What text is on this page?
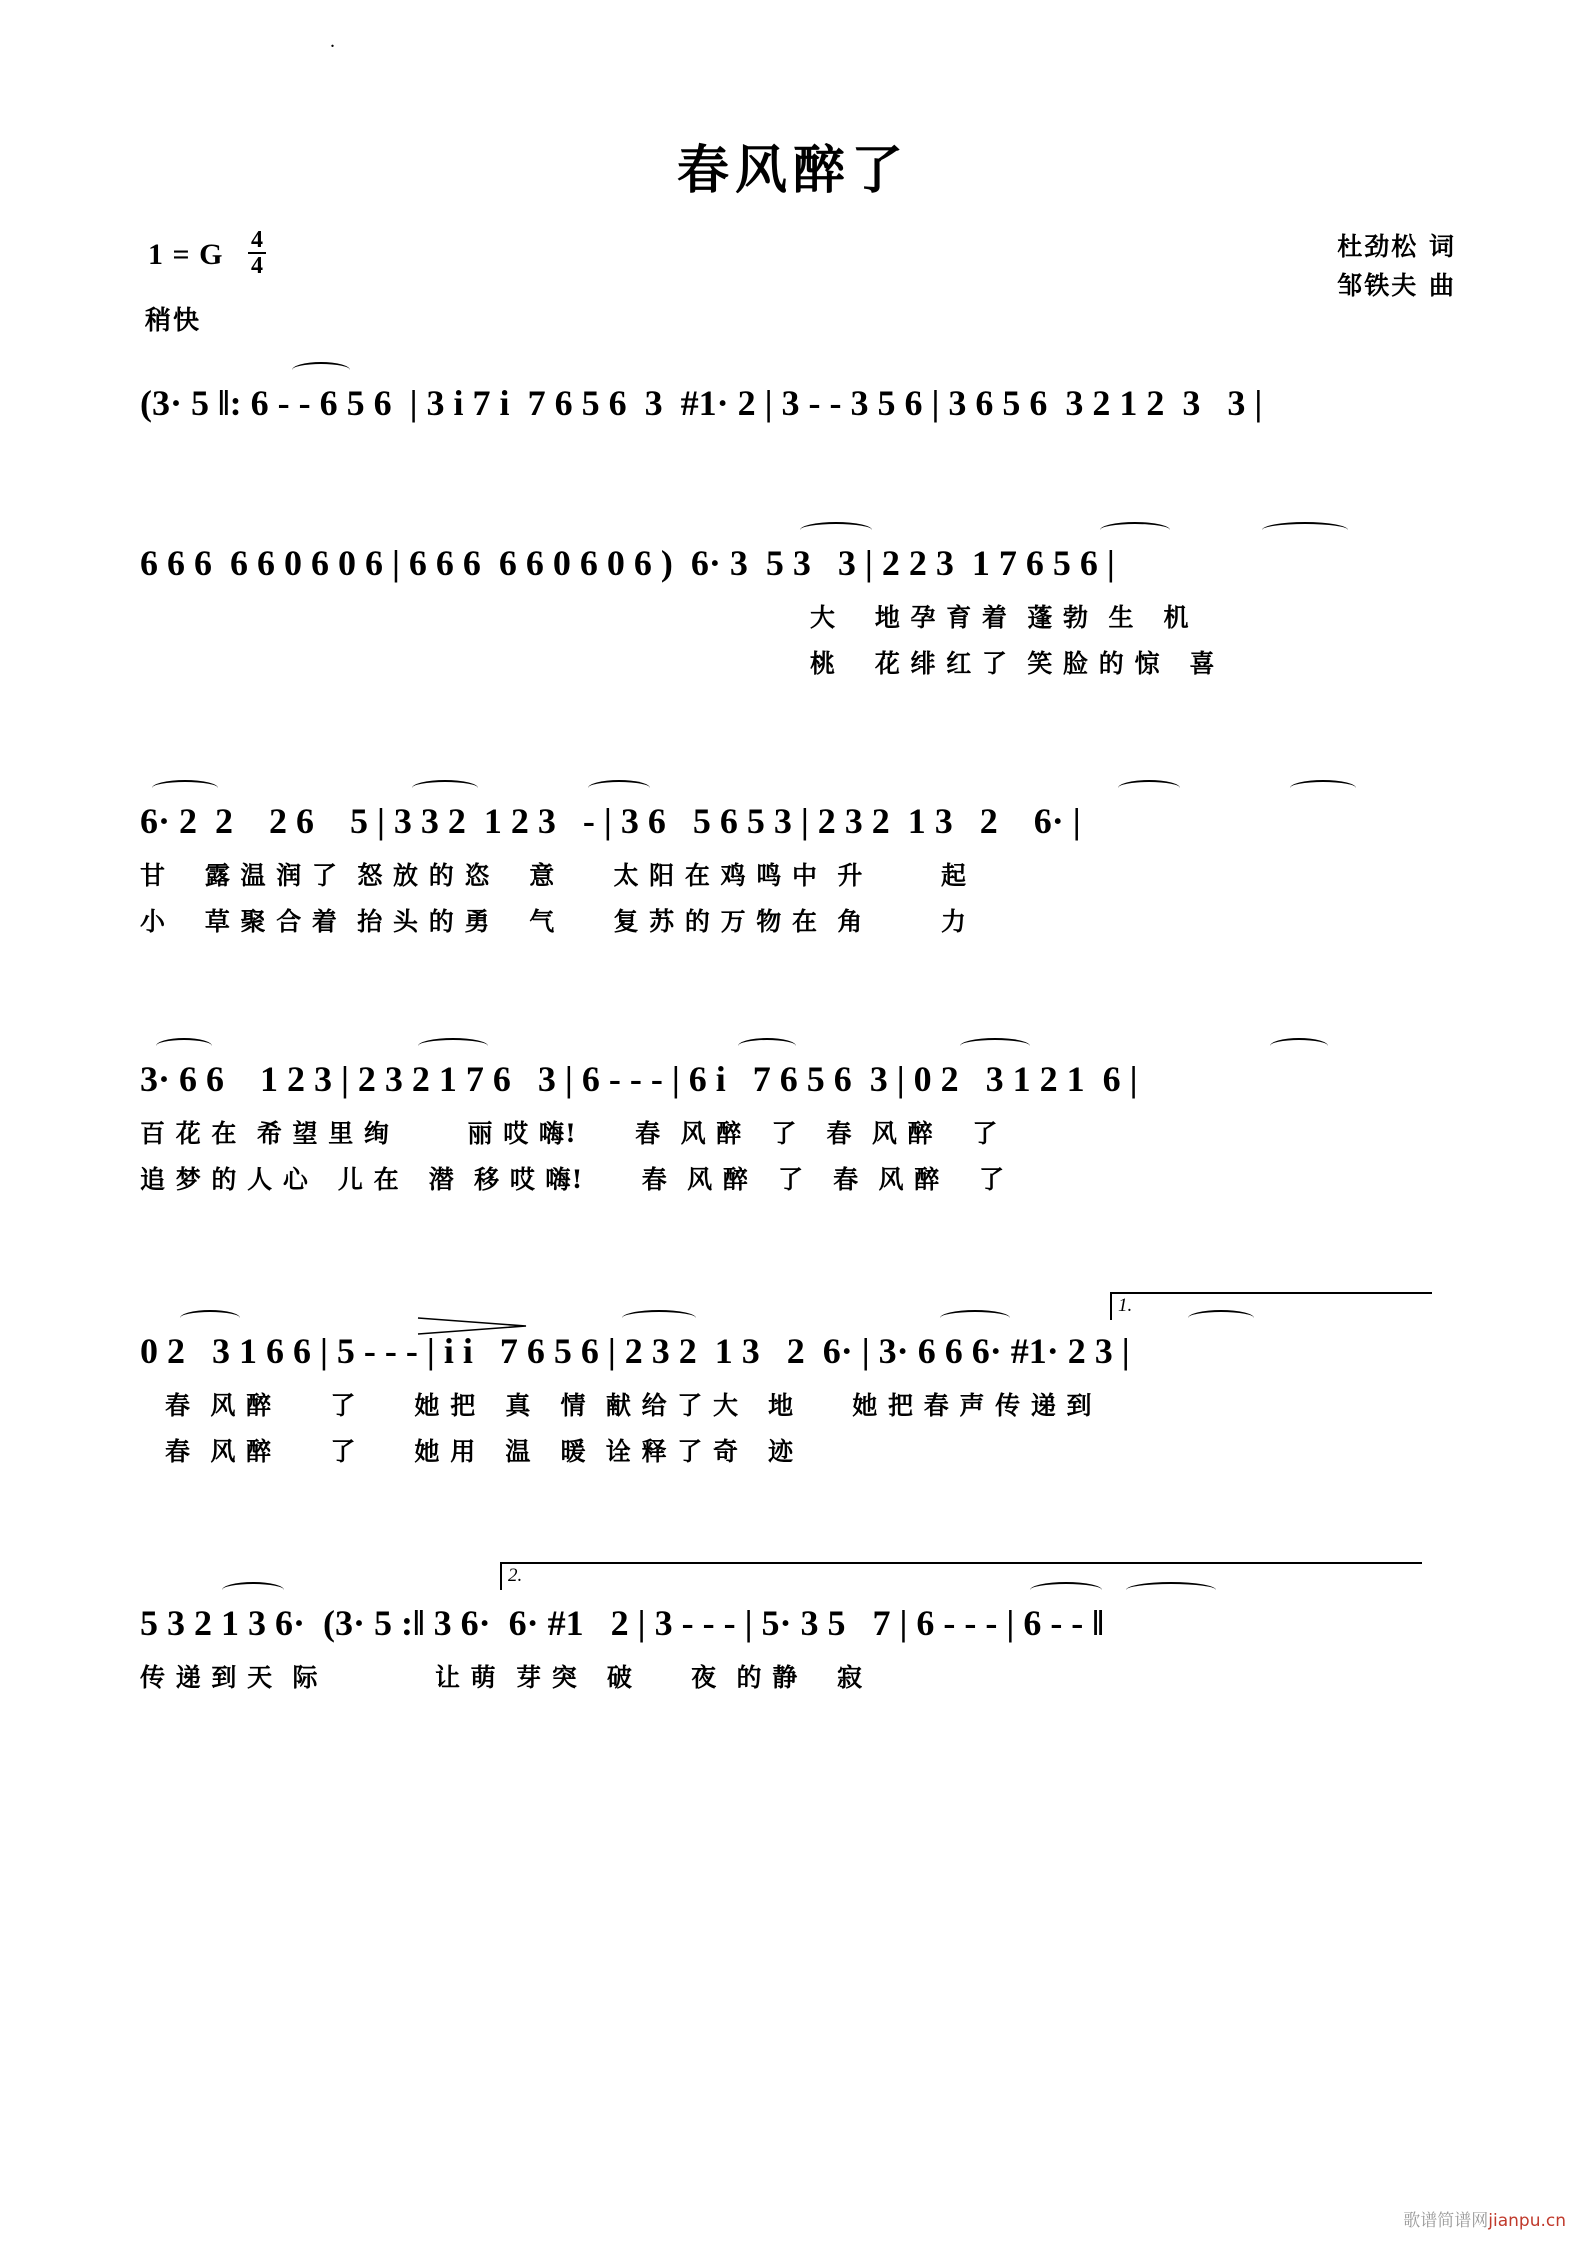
.
春风醉了
1 = G $\frac{4}{4}$
稍快
杜劲松 词
邹铁夫 曲
(3· 5 ‖: 6 - - 6 5 6  | 3 i 7 i  7 6 5 6  3  #1· 2 | 3 - - 3 5 6 | 3 6 5 6  3 2 1 2  3   3 |
6 6 6  6 6 0 6 0 6 | 6 6 6  6 6 0 6 0 6 )  6· 3  5 3   3 | 2 2 3  1 7 6 5 6 |
大    地 孕 育 着  蓬 勃  生   机
桃    花 绯 红 了  笑 脸 的 惊   喜
6· 2  2    2 6    5 | 3 3 2  1 2 3   - | 3 6   5 6 5 3 | 2 3 2  1 3   2    6· |
甘    露 温 润 了  怒 放 的 恣    意      太 阳 在 鸡 鸣 中  升        起
小    草 聚 合 着  抬 头 的 勇    气      复 苏 的 万 物 在  角        力
3· 6 6    1 2 3 | 2 3 2 1 7 6   3 | 6 - - - | 6 i   7 6 5 6  3 | 0 2   3 1 2 1  6 |
百 花 在  希 望 里 绚        丽 哎 嗨!      春  风 醉   了   春  风 醉    了
追 梦 的 人 心   儿 在   潜  移 哎 嗨!      春  风 醉   了   春  风 醉    了
0 2   3 1 6 6 | 5 - - - | i i   7 6 5 6 | 2 3 2  1 3   2  6· | 3· 6 6 6· #1· 2 3 |
1.
春  风 醉      了      她 把   真   情  献 给 了 大   地      她 把 春 声 传 递 到
春  风 醉      了      她 用   温   暖  诠 释 了 奇   迹
5 3 2 1 3 6·  (3· 5 :‖ 3 6·  6· #1   2 | 3 - - - | 5· 3 5   7 | 6 - - - | 6 - - ‖
2.
传 递 到 天  际            让 萌  芽 突   破      夜  的 静    寂
歌谱简谱网jianpu.cn
